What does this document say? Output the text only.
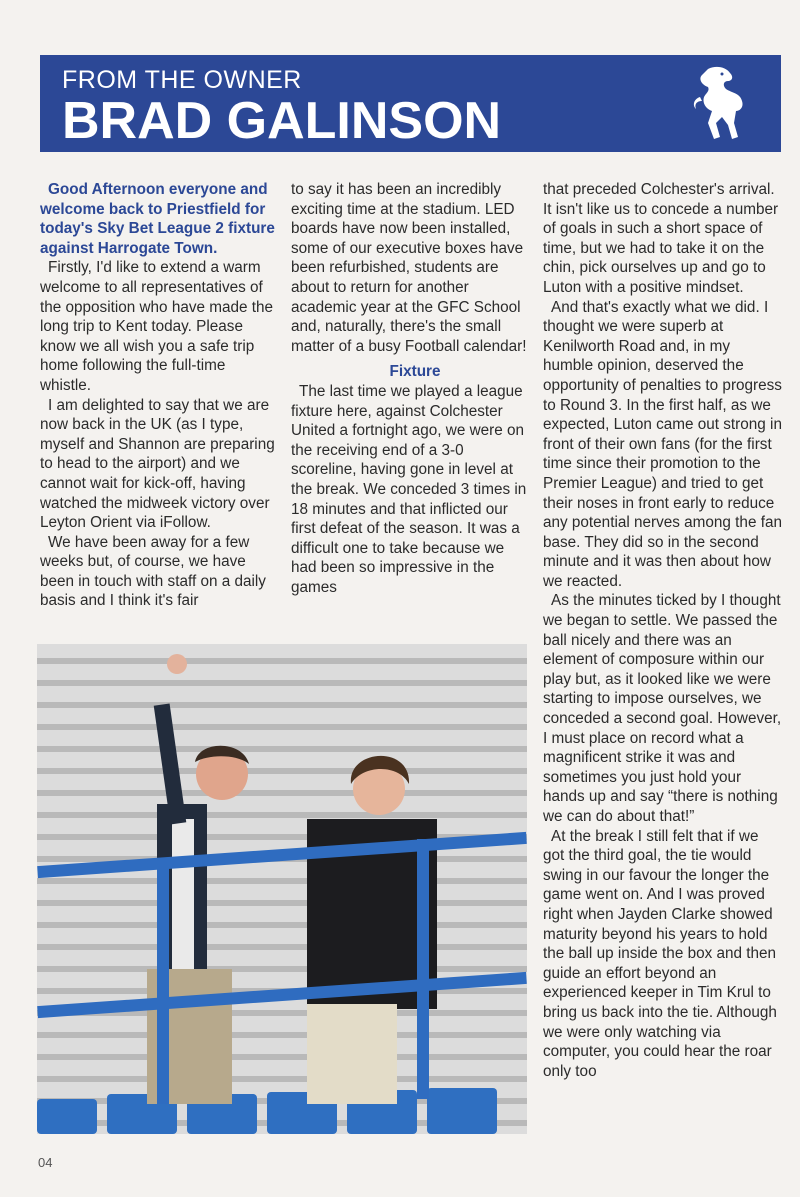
FROM THE OWNER
BRAD GALINSON

Good Afternoon everyone and welcome back to Priestfield for today's Sky Bet League 2 fixture against Harrogate Town.

Firstly, I'd like to extend a warm welcome to all representatives of the opposition who have made the long trip to Kent today. Please know we all wish you a safe trip home following the full-time whistle.

I am delighted to say that we are now back in the UK (as I type, myself and Shannon are preparing to head to the airport) and we cannot wait for kick-off, having watched the midweek victory over Leyton Orient via iFollow.

We have been away for a few weeks but, of course, we have been in touch with staff on a daily basis and I think it's fair

to say it has been an incredibly exciting time at the stadium. LED boards have now been installed, some of our executive boxes have been refurbished, students are about to return for another academic year at the GFC School and, naturally, there's the small matter of a busy Football calendar!

Fixture

The last time we played a league fixture here, against Colchester United a fortnight ago, we were on the receiving end of a 3-0 scoreline, having gone in level at the break. We conceded 3 times in 18 minutes and that inflicted our first defeat of the season. It was a difficult one to take because we had been so impressive in the games

that preceded Colchester's arrival. It isn't like us to concede a number of goals in such a short space of time, but we had to take it on the chin, pick ourselves up and go to Luton with a positive mindset.

And that's exactly what we did. I thought we were superb at Kenilworth Road and, in my humble opinion, deserved the opportunity of penalties to progress to Round 3. In the first half, as we expected, Luton came out strong in front of their own fans (for the first time since their promotion to the Premier League) and tried to get their noses in front early to reduce any potential nerves among the fan base. They did so in the second minute and it was then about how we reacted.

As the minutes ticked by I thought we began to settle. We passed the ball nicely and there was an element of composure within our play but, as it looked like we were starting to impose ourselves, we conceded a second goal. However, I must place on record what a magnificent strike it was and sometimes you just hold your hands up and say “there is nothing we can do about that!”

At the break I still felt that if we got the third goal, the tie would swing in our favour the longer the game went on. And I was proved right when Jayden Clarke showed maturity beyond his years to hold the ball up inside the box and then guide an effort beyond an experienced keeper in Tim Krul to bring us back into the tie. Although we were only watching via computer, you could hear the roar only too

04
